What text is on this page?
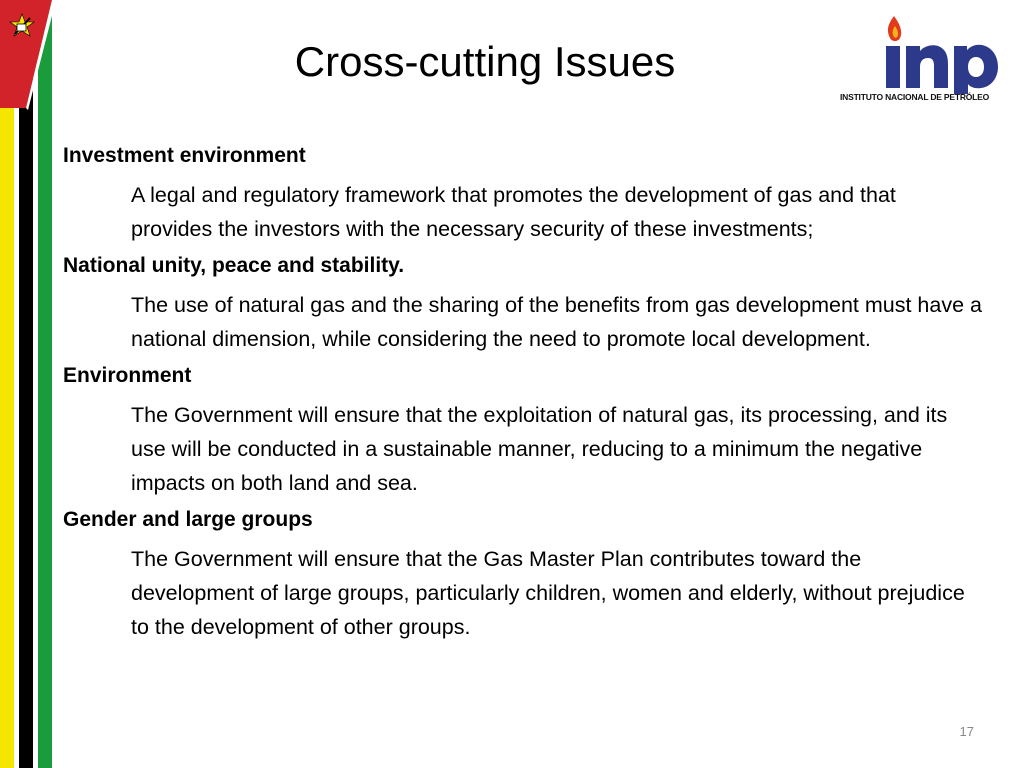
Cross-cutting Issues
INSTITUTO NACIONAL DE PETRÓLEO
Investment environment
A legal and regulatory framework that promotes the development of gas and that provides the investors with the necessary security of these investments;
National unity, peace and stability.
The use of natural gas and the sharing of the benefits from gas development must have a national dimension, while considering the need to promote local development.
Environment
The Government will ensure that the exploitation of natural gas, its processing, and its use will be conducted in a sustainable manner, reducing to a minimum the negative impacts on both land and sea.
Gender and large groups
The Government will ensure that the Gas Master Plan contributes toward the development of large groups, particularly children, women and elderly, without prejudice to the development of other groups.
17
